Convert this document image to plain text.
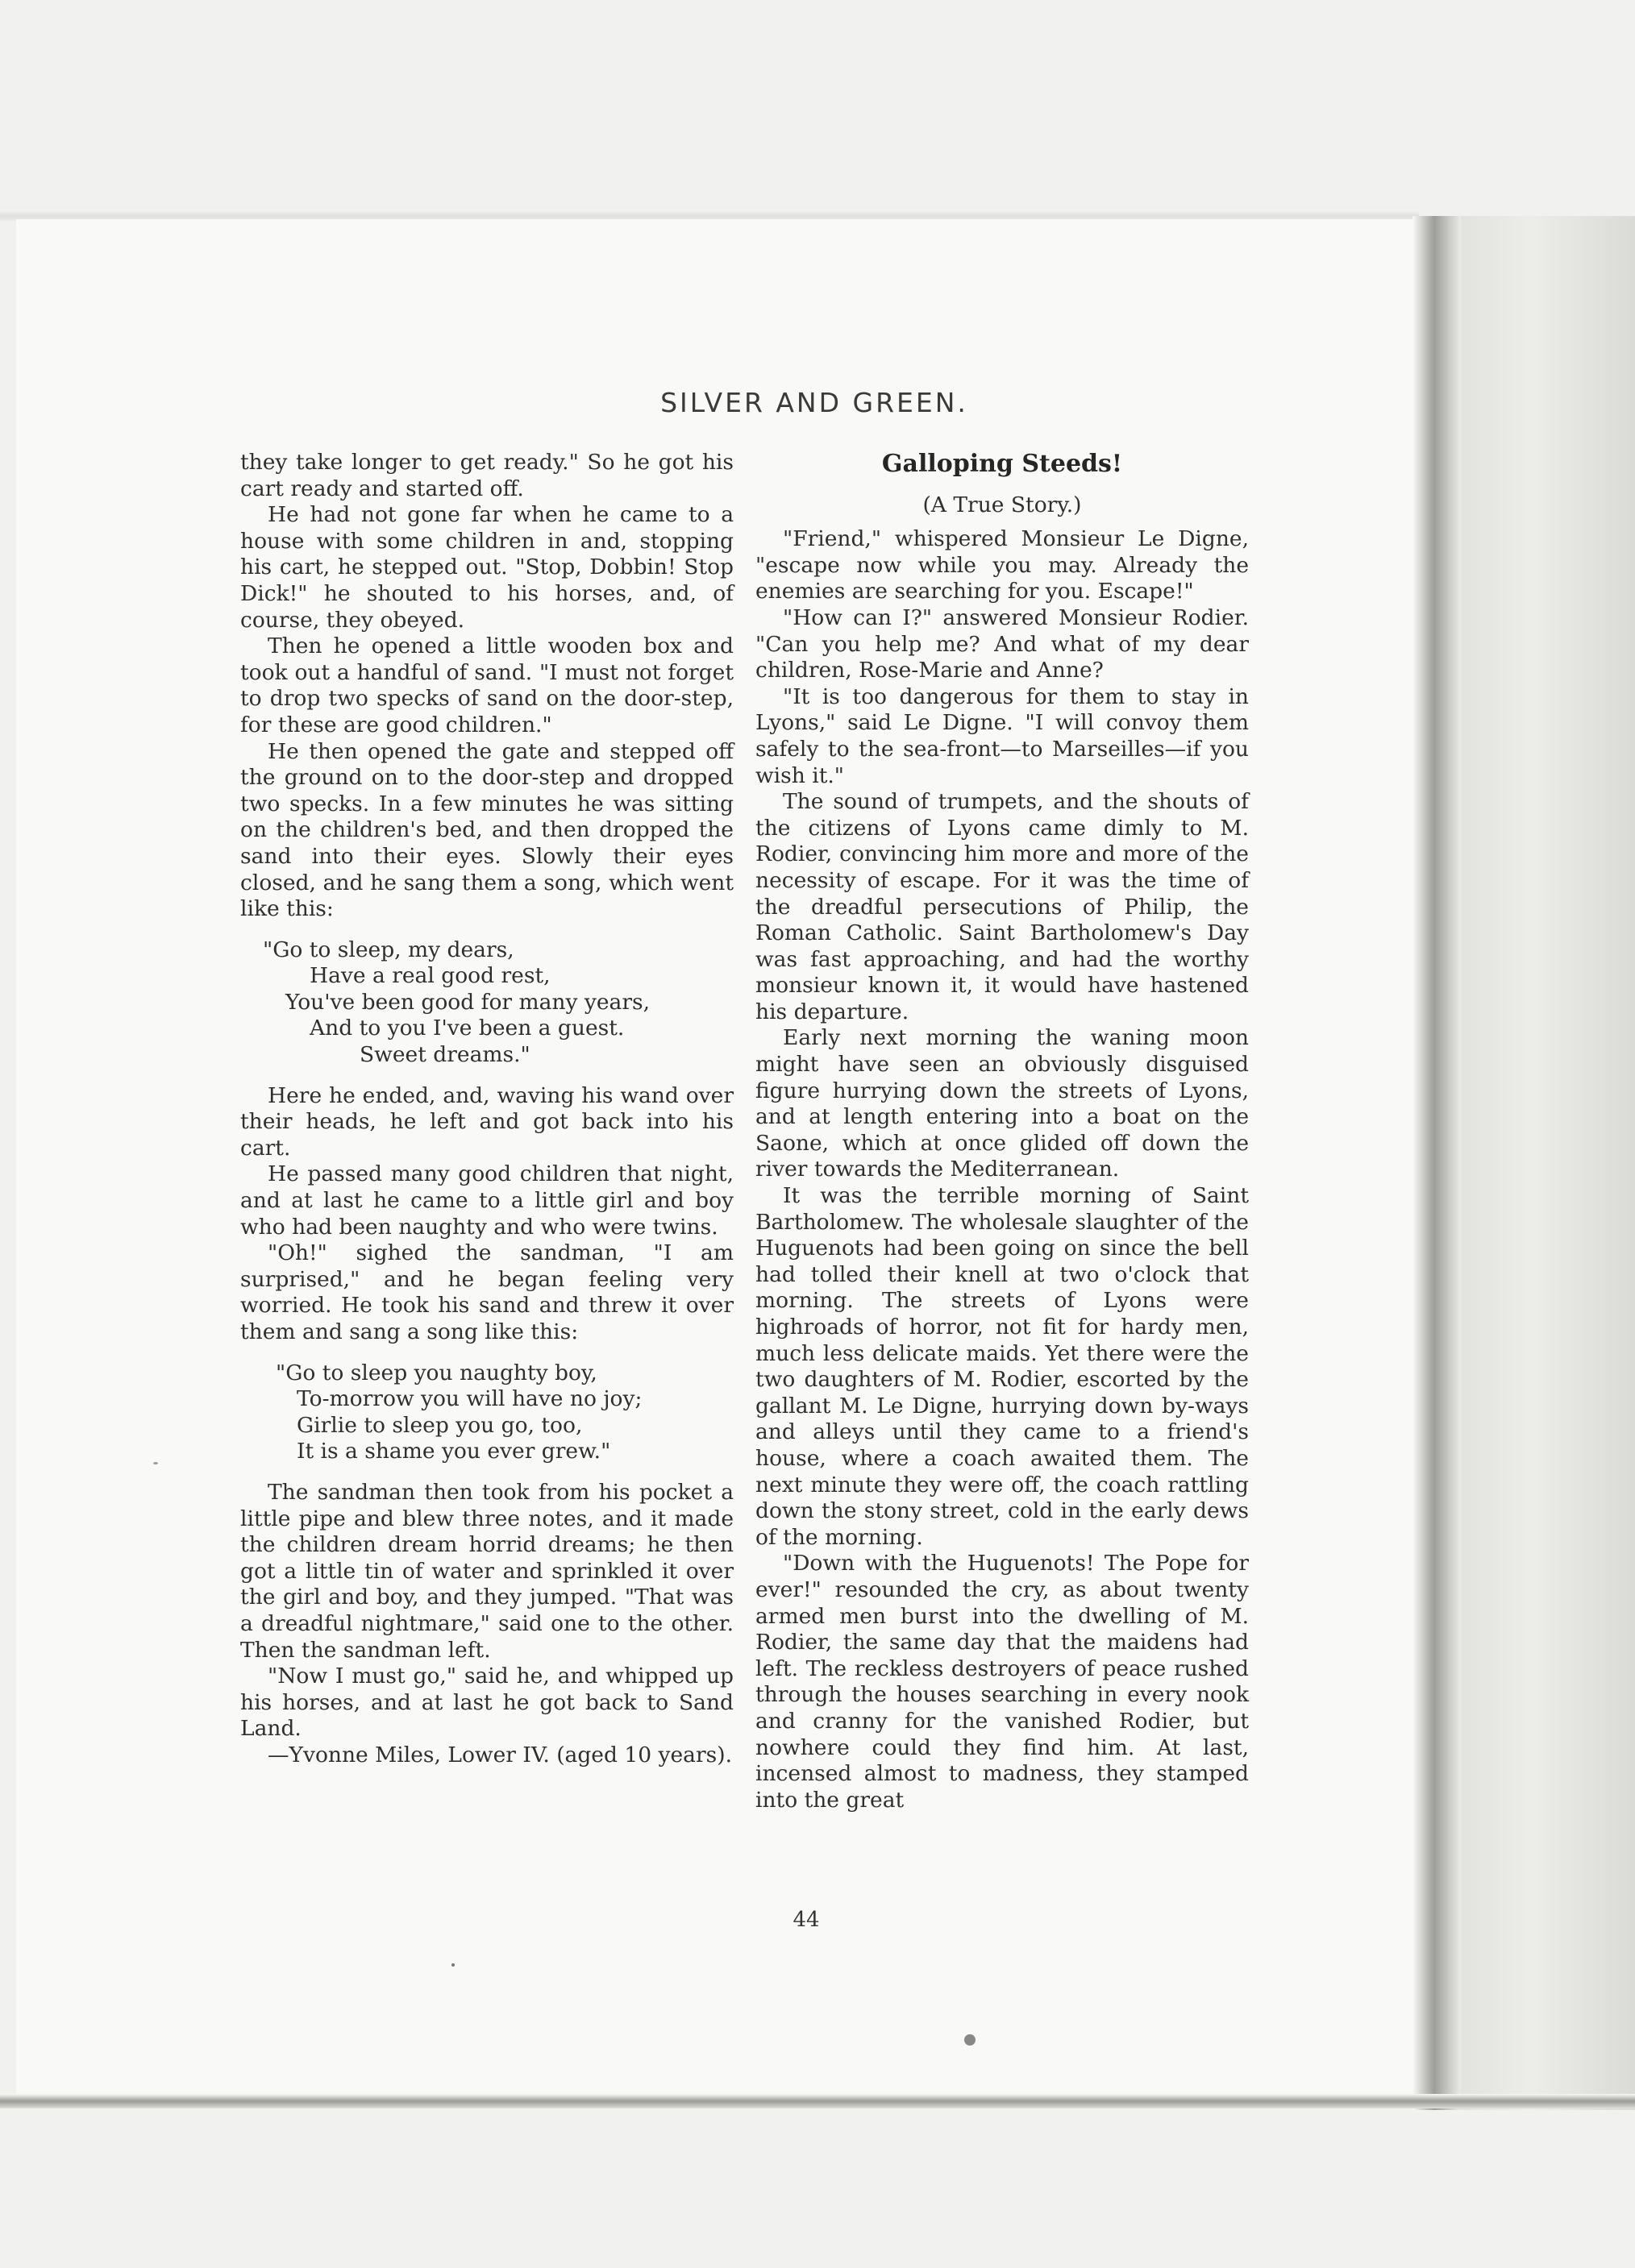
SILVER AND GREEN.

they take longer to get ready." So he got his cart ready and started off.

He had not gone far when he came to a house with some children in and, stopping his cart, he stepped out. "Stop, Dobbin! Stop Dick!" he shouted to his horses, and, of course, they obeyed.

Then he opened a little wooden box and took out a handful of sand. "I must not forget to drop two specks of sand on the door-step, for these are good children."

He then opened the gate and stepped off the ground on to the door-step and dropped two specks. In a few minutes he was sitting on the children's bed, and then dropped the sand into their eyes. Slowly their eyes closed, and he sang them a song, which went like this:

"Go to sleep, my dears,
Have a real good rest,
You've been good for many years,
And to you I've been a guest.
Sweet dreams."

Here he ended, and, waving his wand over their heads, he left and got back into his cart.

He passed many good children that night, and at last he came to a little girl and boy who had been naughty and who were twins.

"Oh!" sighed the sandman, "I am surprised," and he began feeling very worried. He took his sand and threw it over them and sang a song like this:

"Go to sleep you naughty boy,
To-morrow you will have no joy;
Girlie to sleep you go, too,
It is a shame you ever grew."

The sandman then took from his pocket a little pipe and blew three notes, and it made the children dream horrid dreams; he then got a little tin of water and sprinkled it over the girl and boy, and they jumped. "That was a dreadful nightmare," said one to the other. Then the sandman left.

"Now I must go," said he, and whipped up his horses, and at last he got back to Sand Land.

—Yvonne Miles, Lower IV. (aged 10 years).

Galloping Steeds!
(A True Story.)

"Friend," whispered Monsieur Le Digne, "escape now while you may. Already the enemies are searching for you. Escape!"

"How can I?" answered Monsieur Rodier. "Can you help me? And what of my dear children, Rose-Marie and Anne?

"It is too dangerous for them to stay in Lyons," said Le Digne. "I will convoy them safely to the sea-front—to Marseilles—if you wish it."

The sound of trumpets, and the shouts of the citizens of Lyons came dimly to M. Rodier, convincing him more and more of the necessity of escape. For it was the time of the dreadful persecutions of Philip, the Roman Catholic. Saint Bartholomew's Day was fast approaching, and had the worthy monsieur known it, it would have hastened his departure.

Early next morning the waning moon might have seen an obviously disguised figure hurrying down the streets of Lyons, and at length entering into a boat on the Saone, which at once glided off down the river towards the Mediterranean.

It was the terrible morning of Saint Bartholomew. The wholesale slaughter of the Huguenots had been going on since the bell had tolled their knell at two o'clock that morning. The streets of Lyons were highroads of horror, not fit for hardy men, much less delicate maids. Yet there were the two daughters of M. Rodier, escorted by the gallant M. Le Digne, hurrying down by-ways and alleys until they came to a friend's house, where a coach awaited them. The next minute they were off, the coach rattling down the stony street, cold in the early dews of the morning.

"Down with the Huguenots! The Pope for ever!" resounded the cry, as about twenty armed men burst into the dwelling of M. Rodier, the same day that the maidens had left. The reckless destroyers of peace rushed through the houses searching in every nook and cranny for the vanished Rodier, but nowhere could they find him. At last, incensed almost to madness, they stamped into the great

44
